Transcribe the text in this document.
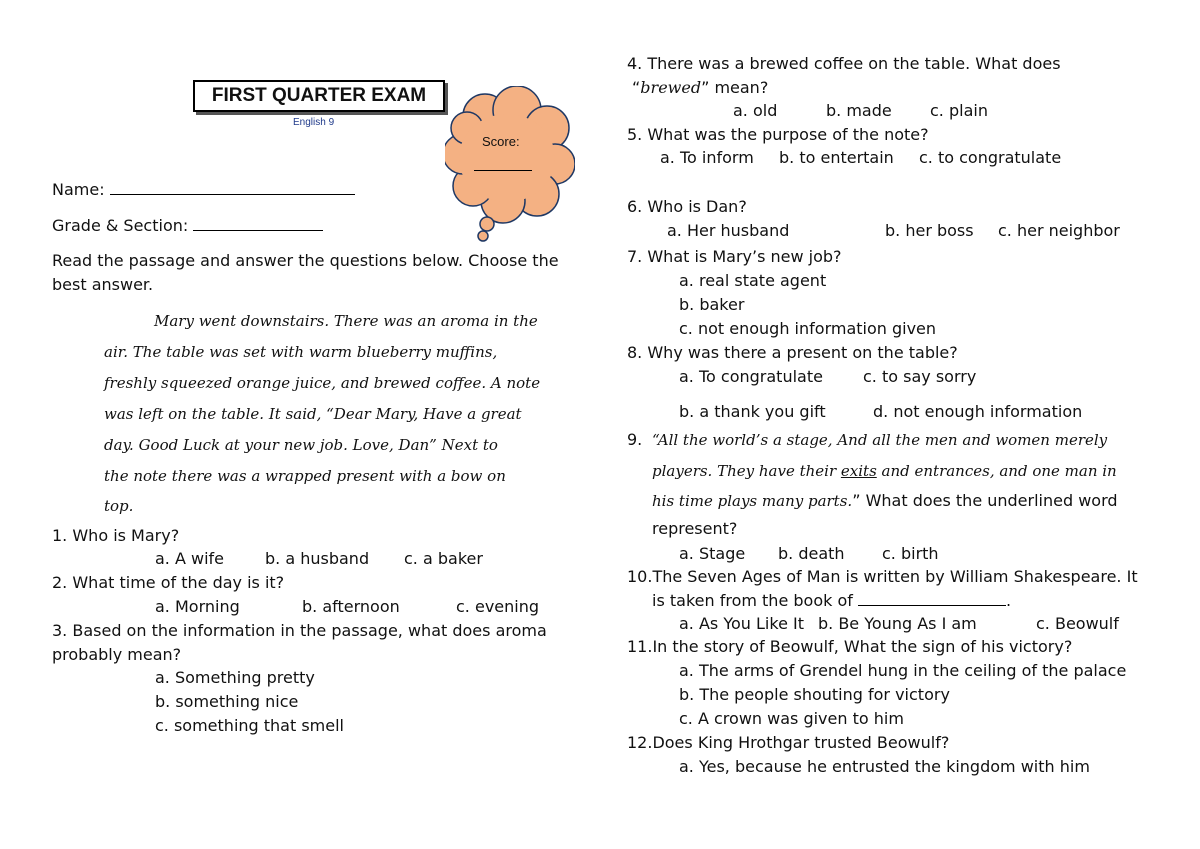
FIRST QUARTER EXAM
English 9
Score:
Name:
Grade & Section:
Read the passage and answer the questions below. Choose the
best answer.
Mary went downstairs. There was an aroma in the
air. The table was set with warm blueberry muffins,
freshly squeezed orange juice, and brewed coffee. A note
was left on the table. It said, “Dear Mary, Have a great
day. Good Luck at your new job. Love, Dan” Next to
the note there was a wrapped present with a bow on
top.
1. Who is Mary?
a. A wife	b. a husband c. a baker
2. What time of the day is it?
a. Morning	b. afternoon	c. evening
3. Based on the information in the passage, what does aroma
probably mean?
a. Something pretty
b. something nice
c. something that smell
4. There was a brewed coffee on the table. What does
“brewed” mean?
a. old	b. made c. plain
5. What was the purpose of the note?
a. To inform b. to entertain c. to congratulate
6. Who is Dan?
a. Her husband	b. her boss c. her neighbor
7. What is Mary’s new job?
a. real state agent
b. baker
c. not enough information given
8. Why was there a present on the table?
a. To congratulate	c. to say sorry
b. a thank you gift	d. not enough information
9. “All the world’s a stage, And all the men and women merely
players. They have their exits and entrances, and one man in
his time plays many parts.” What does the underlined word
represent?
a. Stage b. death c. birth
10.The Seven Ages of Man is written by William Shakespeare. It
is taken from the book of	.
a. As You Like It b. Be Young As I am	c. Beowulf
11.In the story of Beowulf, What the sign of his victory?
a. The arms of Grendel hung in the ceiling of the palace
b. The people shouting for victory
c. A crown was given to him
12.Does King Hrothgar trusted Beowulf?
a. Yes, because he entrusted the kingdom with him
